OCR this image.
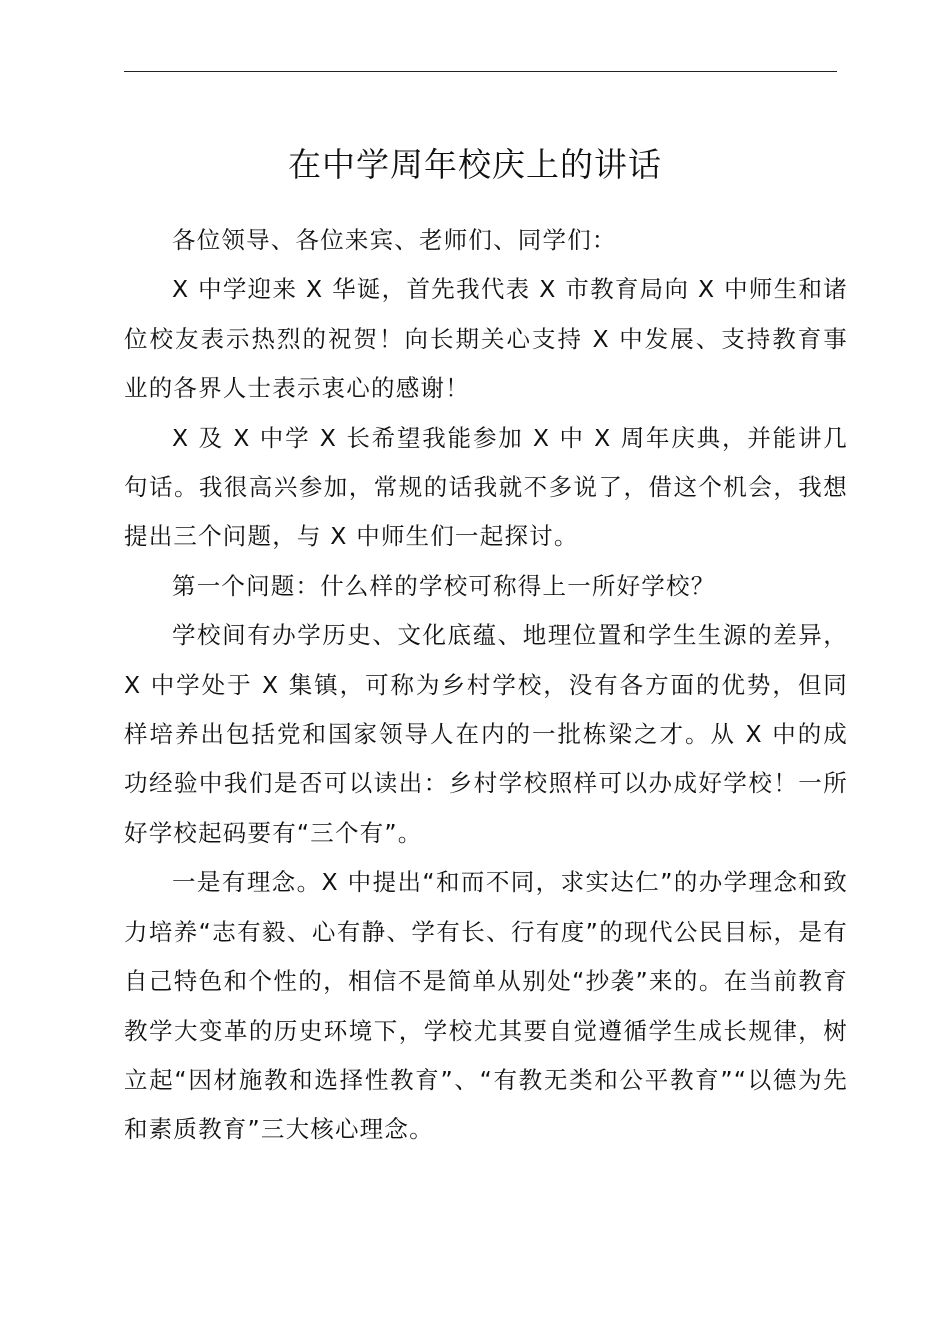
在中学周年校庆上的讲话

各位领导、各位来宾、老师们、同学们：

X 中学迎来 X 华诞，首先我代表 X 市教育局向 X 中师生和诸位校友表示热烈的祝贺！向长期关心支持 X 中发展、支持教育事业的各界人士表示衷心的感谢！

X 及 X 中学 X 长希望我能参加 X 中 X 周年庆典，并能讲几句话。我很高兴参加，常规的话我就不多说了，借这个机会，我想提出三个问题，与 X 中师生们一起探讨。

第一个问题：什么样的学校可称得上一所好学校？

学校间有办学历史、文化底蕴、地理位置和学生生源的差异，X 中学处于 X 集镇，可称为乡村学校，没有各方面的优势，但同样培养出包括党和国家领导人在内的一批栋梁之才。从 X 中的成功经验中我们是否可以读出：乡村学校照样可以办成好学校！一所好学校起码要有“三个有”。

一是有理念。X 中提出“和而不同，求实达仁”的办学理念和致力培养“志有毅、心有静、学有长、行有度”的现代公民目标，是有自己特色和个性的，相信不是简单从别处“抄袭”来的。在当前教育教学大变革的历史环境下，学校尤其要自觉遵循学生成长规律，树立起“因材施教和选择性教育”、“有教无类和公平教育”“以德为先和素质教育”三大核心理念。
